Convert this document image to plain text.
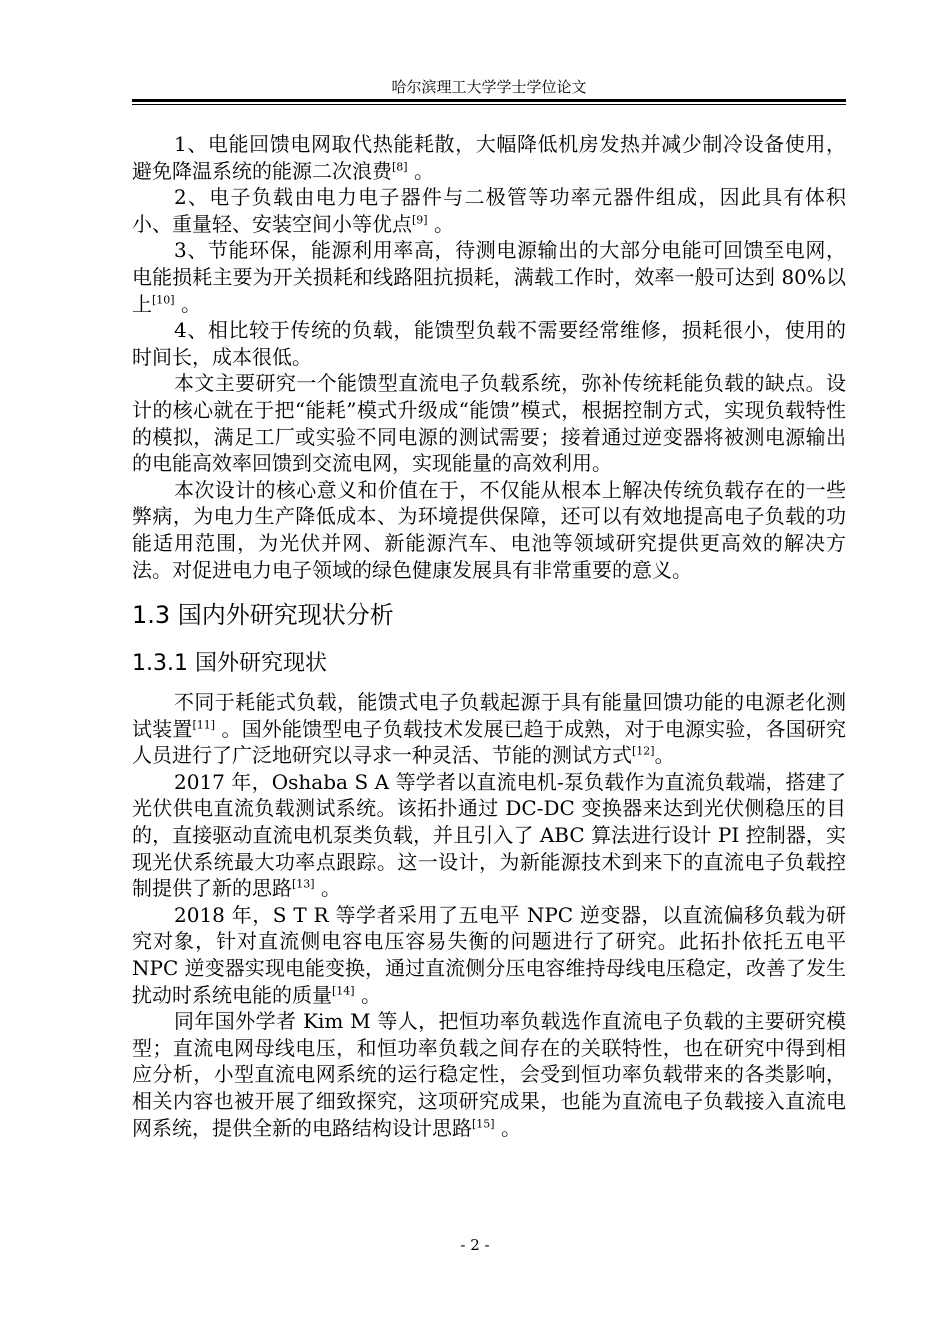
哈尔滨理工大学学士学位论文

1、电能回馈电网取代热能耗散，大幅降低机房发热并减少制冷设备使用，避免降温系统的能源二次浪费[8] 。

2、电子负载由电力电子器件与二极管等功率元器件组成，因此具有体积小、重量轻、安装空间小等优点[9] 。

3、节能环保，能源利用率高，待测电源输出的大部分电能可回馈至电网，电能损耗主要为开关损耗和线路阻抗损耗，满载工作时，效率一般可达到 80%以上[10] 。

4、相比较于传统的负载，能馈型负载不需要经常维修，损耗很小，使用的时间长，成本很低。

本文主要研究一个能馈型直流电子负载系统，弥补传统耗能负载的缺点。设计的核心就在于把“能耗”模式升级成“能馈”模式，根据控制方式，实现负载特性的模拟，满足工厂或实验不同电源的测试需要；接着通过逆变器将被测电源输出的电能高效率回馈到交流电网，实现能量的高效利用。

本次设计的核心意义和价值在于，不仅能从根本上解决传统负载存在的一些弊病，为电力生产降低成本、为环境提供保障，还可以有效地提高电子负载的功能适用范围，为光伏并网、新能源汽车、电池等领域研究提供更高效的解决方法。对促进电力电子领域的绿色健康发展具有非常重要的意义。

1.3 国内外研究现状分析
1.3.1 国外研究现状

不同于耗能式负载，能馈式电子负载起源于具有能量回馈功能的电源老化测试装置[11] 。国外能馈型电子负载技术发展已趋于成熟，对于电源实验，各国研究人员进行了广泛地研究以寻求一种灵活、节能的测试方式[12]。

2017 年，Oshaba S A 等学者以直流电机-泵负载作为直流负载端，搭建了光伏供电直流负载测试系统。该拓扑通过 DC-DC 变换器来达到光伏侧稳压的目的，直接驱动直流电机泵类负载，并且引入了 ABC 算法进行设计 PI 控制器，实现光伏系统最大功率点跟踪。这一设计，为新能源技术到来下的直流电子负载控制提供了新的思路[13] 。

2018 年，S T R 等学者采用了五电平 NPC 逆变器，以直流偏移负载为研究对象，针对直流侧电容电压容易失衡的问题进行了研究。此拓扑依托五电平 NPC 逆变器实现电能变换，通过直流侧分压电容维持母线电压稳定，改善了发生扰动时系统电能的质量[14] 。

同年国外学者 Kim M 等人，把恒功率负载选作直流电子负载的主要研究模型；直流电网母线电压，和恒功率负载之间存在的关联特性，也在研究中得到相应分析，小型直流电网系统的运行稳定性，会受到恒功率负载带来的各类影响，相关内容也被开展了细致探究，这项研究成果，也能为直流电子负载接入直流电网系统，提供全新的电路结构设计思路[15] 。

- 2 -
